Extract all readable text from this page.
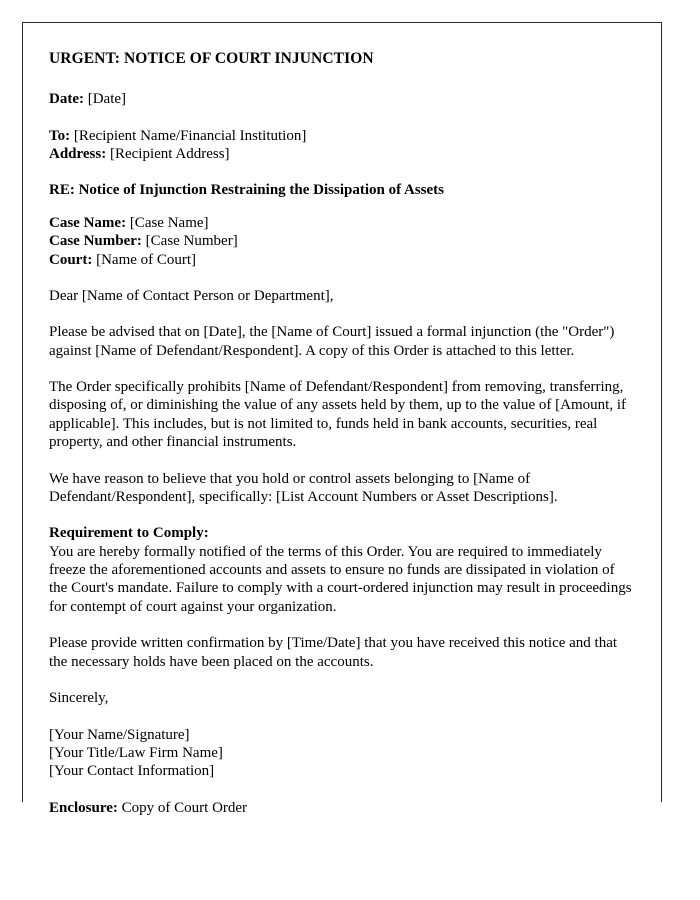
URGENT: NOTICE OF COURT INJUNCTION

Date: [Date]

To: [Recipient Name/Financial Institution]

Address: [Recipient Address]

RE: Notice of Injunction Restraining the Dissipation of Assets

Case Name: [Case Name]

Case Number: [Case Number]

Court: [Name of Court]

Dear [Name of Contact Person or Department],

Please be advised that on [Date], the [Name of Court] issued a formal injunction (the "Order") against [Name of Defendant/Respondent]. A copy of this Order is attached to this letter.

The Order specifically prohibits [Name of Defendant/Respondent] from removing, transferring, disposing of, or diminishing the value of any assets held by them, up to the value of [Amount, if applicable]. This includes, but is not limited to, funds held in bank accounts, securities, real property, and other financial instruments.

We have reason to believe that you hold or control assets belonging to [Name of Defendant/Respondent], specifically: [List Account Numbers or Asset Descriptions].

Requirement to Comply:

You are hereby formally notified of the terms of this Order. You are required to immediately freeze the aforementioned accounts and assets to ensure no funds are dissipated in violation of the Court's mandate. Failure to comply with a court-ordered injunction may result in proceedings for contempt of court against your organization.

Please provide written confirmation by [Time/Date] that you have received this notice and that the necessary holds have been placed on the accounts.

Sincerely,

[Your Name/Signature]

[Your Title/Law Firm Name]

[Your Contact Information]

Enclosure: Copy of Court Order
